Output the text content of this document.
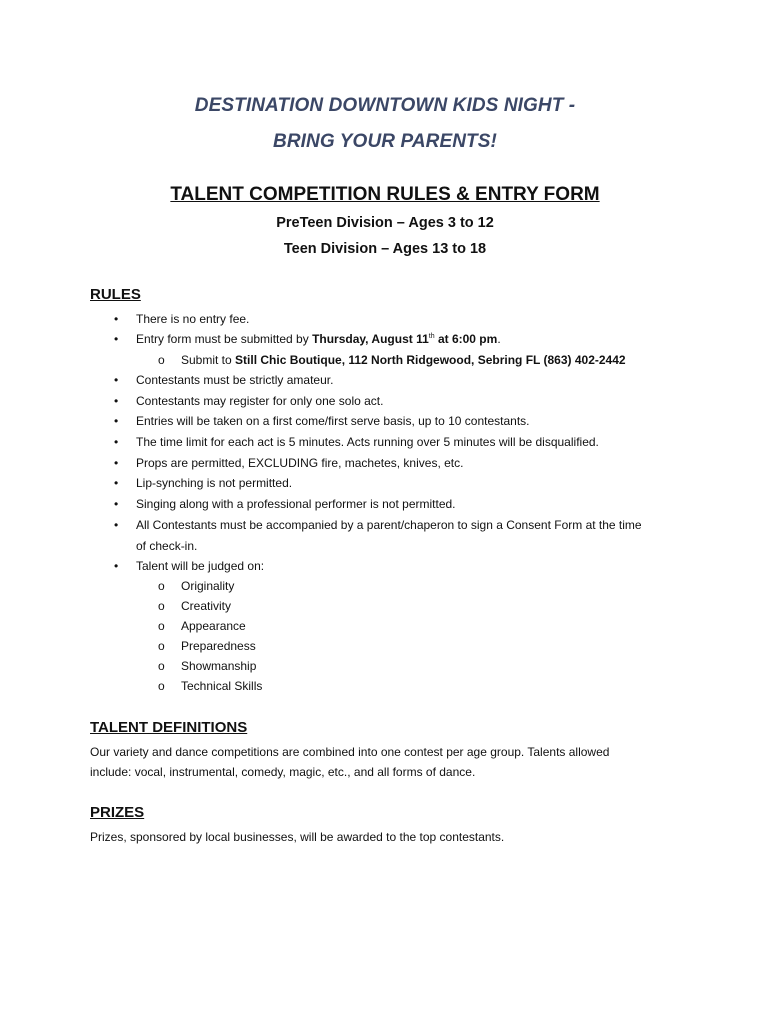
DESTINATION DOWNTOWN KIDS NIGHT -
BRING YOUR PARENTS!
TALENT COMPETITION RULES & ENTRY FORM
PreTeen Division – Ages 3 to 12
Teen Division – Ages 13 to 18
RULES
• There is no entry fee.
• Entry form must be submitted by Thursday, August 11th at 6:00 pm.
o Submit to Still Chic Boutique, 112 North Ridgewood, Sebring FL (863) 402-2442
• Contestants must be strictly amateur.
• Contestants may register for only one solo act.
• Entries will be taken on a first come/first serve basis, up to 10 contestants.
• The time limit for each act is 5 minutes. Acts running over 5 minutes will be disqualified.
• Props are permitted, EXCLUDING fire, machetes, knives, etc.
• Lip-synching is not permitted.
• Singing along with a professional performer is not permitted.
• All Contestants must be accompanied by a parent/chaperon to sign a Consent Form at the time
of check-in.
• Talent will be judged on:
o Originality
o Creativity
o Appearance
o Preparedness
o Showmanship
o Technical Skills
TALENT DEFINITIONS
Our variety and dance competitions are combined into one contest per age group. Talents allowed
include: vocal, instrumental, comedy, magic, etc., and all forms of dance.
PRIZES
Prizes, sponsored by local businesses, will be awarded to the top contestants.
